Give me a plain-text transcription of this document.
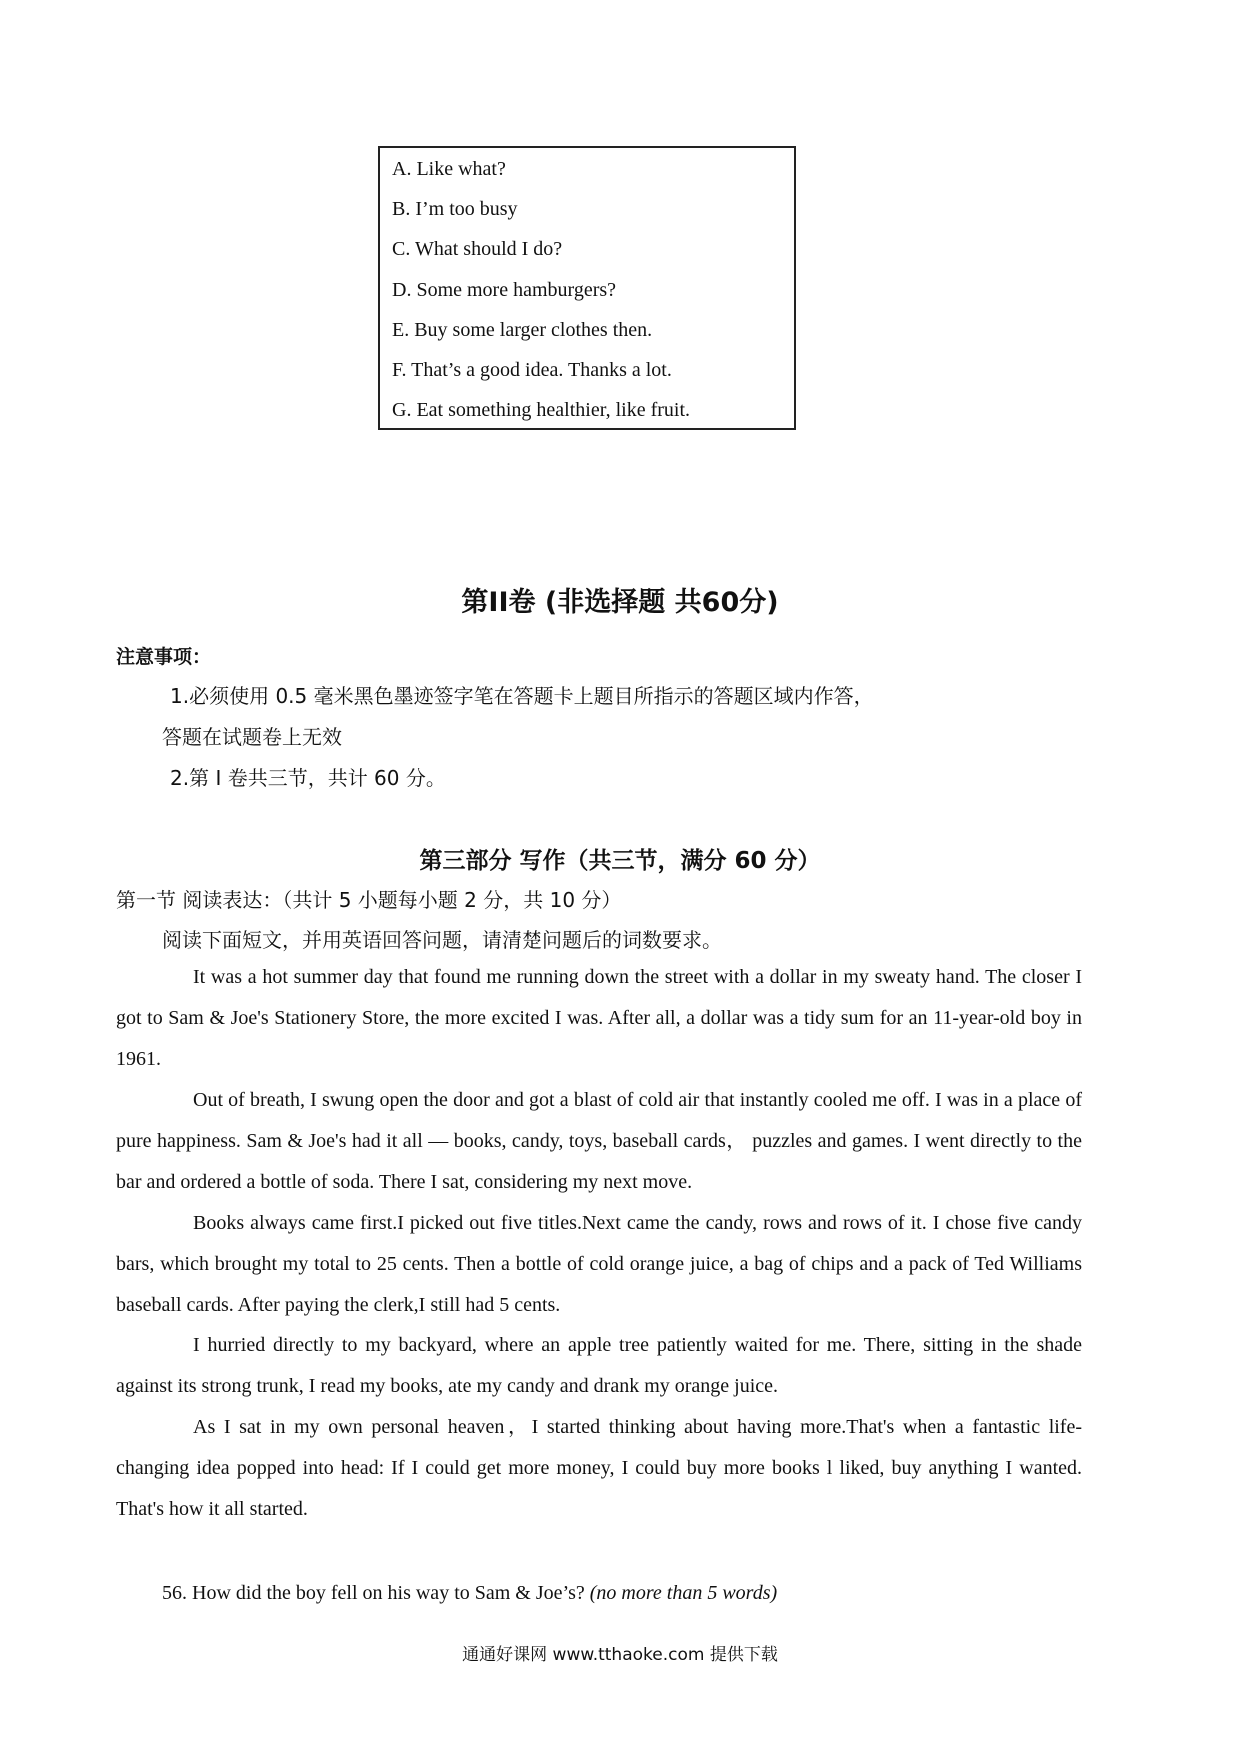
A. Like what?
B. I’m too busy
C. What should I do?
D. Some more hamburgers?
E. Buy some larger clothes then.
F. That’s a good idea. Thanks a lot.
G. Eat something healthier, like fruit.
第II卷 (非选择题 共60分)
注意事项：
1.必须使用 0.5 毫米黑色墨迹签字笔在答题卡上题目所指示的答题区域内作答，
答题在试题卷上无效
2.第 I 卷共三节，共计 60 分。
第三部分 写作（共三节，满分 60 分）
第一节 阅读表达：（共计 5 小题每小题 2 分，共 10 分）
阅读下面短文，并用英语回答问题，请清楚问题后的词数要求。
It was a hot summer day that found me running down the street with a dollar in my sweaty hand. The closer I got to Sam & Joe's Stationery Store, the more excited I was. After all, a dollar was a tidy sum for an 11-year-old boy in 1961.
Out of breath, I swung open the door and got a blast of cold air that instantly cooled me off. I was in a place of pure happiness. Sam & Joe's had it all — books, candy, toys, baseball cards， puzzles and games. I went directly to the bar and ordered a bottle of soda. There I sat, considering my next move.
Books always came first.I picked out five titles.Next came the candy, rows and rows of it. I chose five candy bars, which brought my total to 25 cents. Then a bottle of cold orange juice, a bag of chips and a pack of Ted Williams baseball cards. After paying the clerk,I still had 5 cents.
I hurried directly to my backyard, where an apple tree patiently waited for me. There, sitting in the shade against its strong trunk, I read my books, ate my candy and drank my orange juice.
As I sat in my own personal heaven，I started thinking about having more.That's when a fantastic life-changing idea popped into head: If I could get more money, I could buy more books l liked, buy anything I wanted. That's how it all started.
56. How did the boy fell on his way to Sam & Joe’s? (no more than 5 words)
通通好课网 www.tthaoke.com 提供下载
